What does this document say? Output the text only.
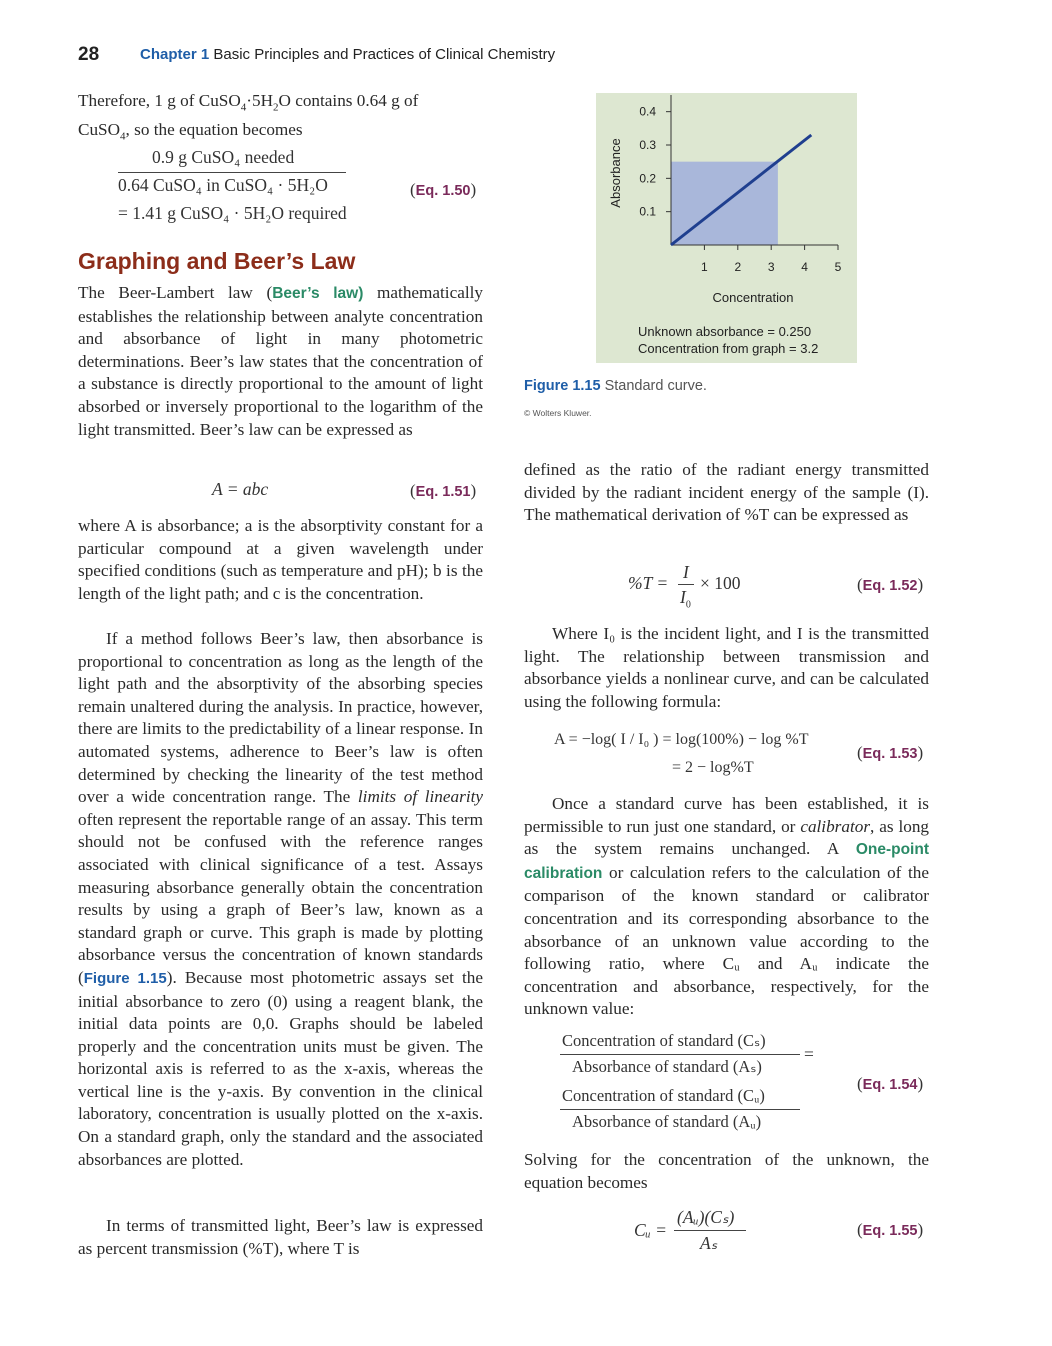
28	Chapter 1 Basic Principles and Practices of Clinical Chemistry

Therefore, 1 g of $CuSO_4\cdot 5H_2O$ contains 0.64 g of

CuSO$_4$, so the equation becomes

0.9 g CuSO₄ needed
0.64 CuSO₄ in CuSO₄ · 5H₂O
= 1.41 g CuSO₄ · 5H₂O required
(Eq. 1.50)
Graphing and Beer’s Law

The Beer-Lambert law (Beer’s law) mathematically establishes the relationship between analyte concentration and absorbance of light in many photometric determinations. Beer’s law states that the concentration of a substance is directly proportional to the amount of light absorbed or inversely proportional to the logarithm of the light transmitted. Beer’s law can be expressed as

A = abc	(Eq. 1.51)

where A is absorbance; a is the absorptivity constant for a particular compound at a given wavelength under specified conditions (such as temperature and pH); b is the length of the light path; and c is the concentration.

If a method follows Beer’s law, then absorbance is proportional to concentration as long as the length of the light path and the absorptivity of the absorbing species remain unaltered during the analysis. In practice, however, there are limits to the predictability of a linear response. In automated systems, adherence to Beer’s law is often determined by checking the linearity of the test method over a wide concentration range. The limits of linearity often represent the reportable range of an assay. This term should not be confused with the reference ranges associated with clinical significance of a test. Assays measuring absorbance generally obtain the concentration results by using a graph of Beer’s law, known as a standard graph or curve. This graph is made by plotting absorbance versus the concentration of known standards (Figure 1.15). Because most photometric assays set the initial absorbance to zero (0) using a reagent blank, the initial data points are 0,0. Graphs should be labeled properly and the concentration units must be given. The horizontal axis is referred to as the x-axis, whereas the vertical line is the y-axis. By convention in the clinical laboratory, concentration is usually plotted on the x-axis. On a standard graph, only the standard and the associated absorbances are plotted.

In terms of transmitted light, Beer’s law is expressed as percent transmission (%T), where T is

1 2 3 4 5
0.1
0.2
0.3
0.4
Absorbance
Concentration
Unknown absorbance = 0.250
Concentration from graph = 3.2
Figure 1.15 Standard curve.
© Wolters Kluwer.

defined as the ratio of the radiant energy transmitted divided by the radiant incident energy of the sample (I). The mathematical derivation of %T can be expressed as

%T =
I
$I_0$
× 100	(Eq. 1.52)

Where I₀ is the incident light, and I is the transmitted light. The relationship between transmission and absorbance yields a nonlinear curve, and can be calculated using the following formula:

A = −log( I / I₀ ) = log(100%) − log %T
= 2 − log%T
(Eq. 1.53)

Once a standard curve has been established, it is permissible to run just one standard, or calibrator, as long as the system remains unchanged. A One-point calibration or calculation refers to the calculation of the comparison of the known standard or calibrator concentration and its corresponding absorbance to the absorbance of an unknown value according to the following ratio, where Cᵤ and Aᵤ indicate the concentration and absorbance, respectively, for the unknown value:

Concentration of standard (Cₛ)
Absorbance of standard (Aₛ)
=
Concentration of standard (Cᵤ)
Absorbance of standard (Aᵤ)
(Eq. 1.54)

Solving for the concentration of the unknown, the equation becomes

Cᵤ =
(Aᵤ)(Cₛ)
Aₛ
(Eq. 1.55)
